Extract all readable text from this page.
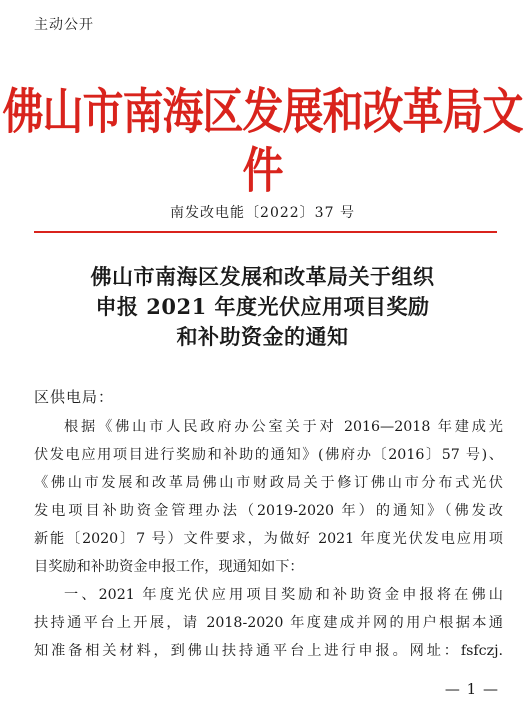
主动公开
佛山市南海区发展和改革局文件
南发改电能〔2022〕37 号
佛山市南海区发展和改革局关于组织
申报 2021 年度光伏应用项目奖励
和补助资金的通知
区供电局：
根据《佛山市人民政府办公室关于对 2016—2018 年建成光
伏发电应用项目进行奖励和补助的通知》(佛府办〔2016〕57 号)、
《佛山市发展和改革局佛山市财政局关于修订佛山市分布式光伏
发电项目补助资金管理办法（2019-2020 年）的通知》（佛发改
新能〔2020〕7 号）文件要求，为做好 2021 年度光伏发电应用项
目奖励和补助资金申报工作，现通知如下：
一、2021 年度光伏应用项目奖励和补助资金申报将在佛山
扶持通平台上开展，请 2018-2020 年度建成并网的用户根据本通
知准备相关材料，到佛山扶持通平台上进行申报。网址：fsfczj.
— 1 —
